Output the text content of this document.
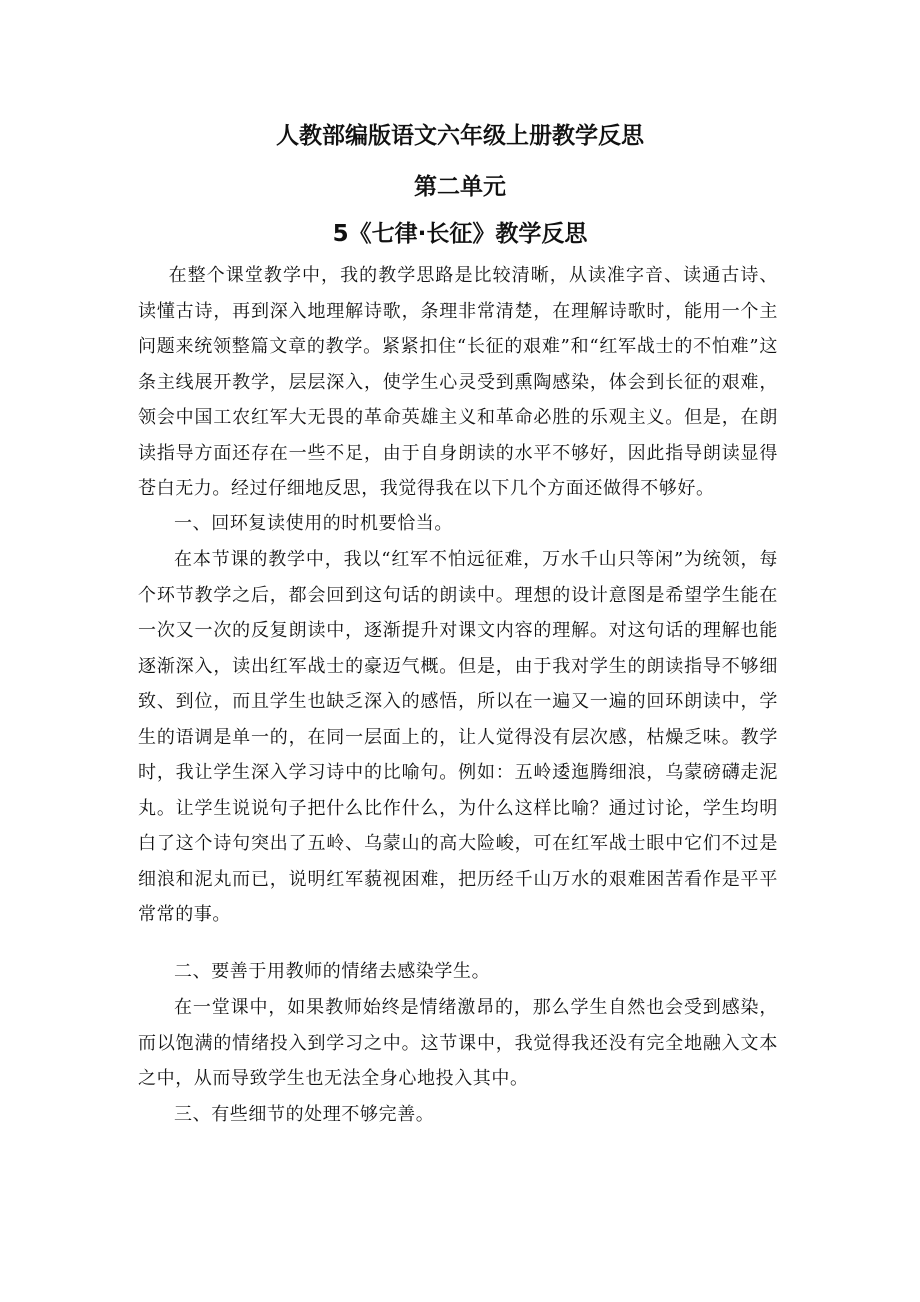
人教部编版语文六年级上册教学反思
第二单元
5《七律·长征》教学反思

在整个课堂教学中，我的教学思路是比较清晰，从读准字音、读通古诗、读懂古诗，再到深入地理解诗歌，条理非常清楚，在理解诗歌时，能用一个主问题来统领整篇文章的教学。紧紧扣住“长征的艰难”和“红军战士的不怕难”这条主线展开教学，层层深入，使学生心灵受到熏陶感染，体会到长征的艰难，领会中国工农红军大无畏的革命英雄主义和革命必胜的乐观主义。但是，在朗读指导方面还存在一些不足，由于自身朗读的水平不够好，因此指导朗读显得苍白无力。经过仔细地反思，我觉得我在以下几个方面还做得不够好。

一、回环复读使用的时机要恰当。

在本节课的教学中，我以“红军不怕远征难，万水千山只等闲”为统领，每个环节教学之后，都会回到这句话的朗读中。理想的设计意图是希望学生能在一次又一次的反复朗读中，逐渐提升对课文内容的理解。对这句话的理解也能逐渐深入，读出红军战士的豪迈气概。但是，由于我对学生的朗读指导不够细致、到位，而且学生也缺乏深入的感悟，所以在一遍又一遍的回环朗读中，学生的语调是单一的，在同一层面上的，让人觉得没有层次感，枯燥乏味。教学时，我让学生深入学习诗中的比喻句。例如：五岭逶迤腾细浪，乌蒙磅礴走泥丸。让学生说说句子把什么比作什么，为什么这样比喻？通过讨论，学生均明白了这个诗句突出了五岭、乌蒙山的高大险峻，可在红军战士眼中它们不过是细浪和泥丸而已，说明红军藐视困难，把历经千山万水的艰难困苦看作是平平常常的事。

二、要善于用教师的情绪去感染学生。

在一堂课中，如果教师始终是情绪激昂的，那么学生自然也会受到感染，而以饱满的情绪投入到学习之中。这节课中，我觉得我还没有完全地融入文本之中，从而导致学生也无法全身心地投入其中。

三、有些细节的处理不够完善。
